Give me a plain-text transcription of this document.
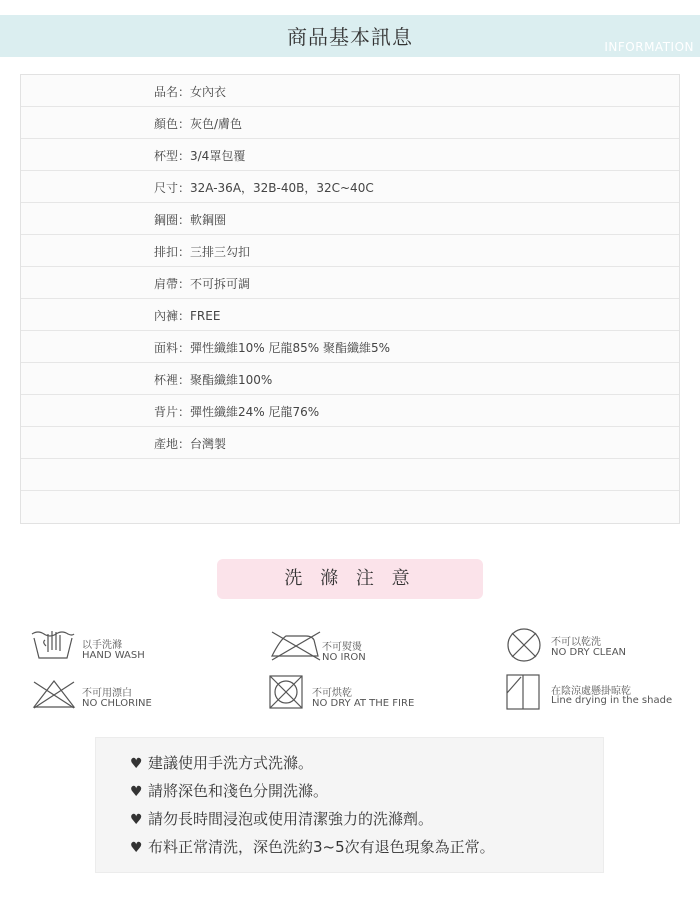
商品基本訊息	INFORMATION
品名：女內衣
顏色：灰色/膚色
杯型：3/4罩包覆
尺寸：32A-36A，32B-40B，32C~40C
鋼圈：軟鋼圈
排扣：三排三勾扣
肩帶：不可拆可調
內褲：FREE
面料：彈性纖維10% 尼龍85% 聚酯纖維5%
杯裡：聚酯纖維100%
背片：彈性纖維24% 尼龍76%
產地：台灣製
洗 滌 注 意
以手洗滌
HAND WASH
不可熨燙
NO IRON
不可以乾洗
NO DRY CLEAN
不可用漂白
NO CHLORINE
不可烘乾
NO DRY AT THE FIRE
在陰涼處懸掛晾乾
Line drying in the shade
♥ 建議使用手洗方式洗滌。
♥ 請將深色和淺色分開洗滌。
♥ 請勿長時間浸泡或使用清潔強力的洗滌劑。
♥ 布料正常清洗，深色洗約3~5次有退色現象為正常。
